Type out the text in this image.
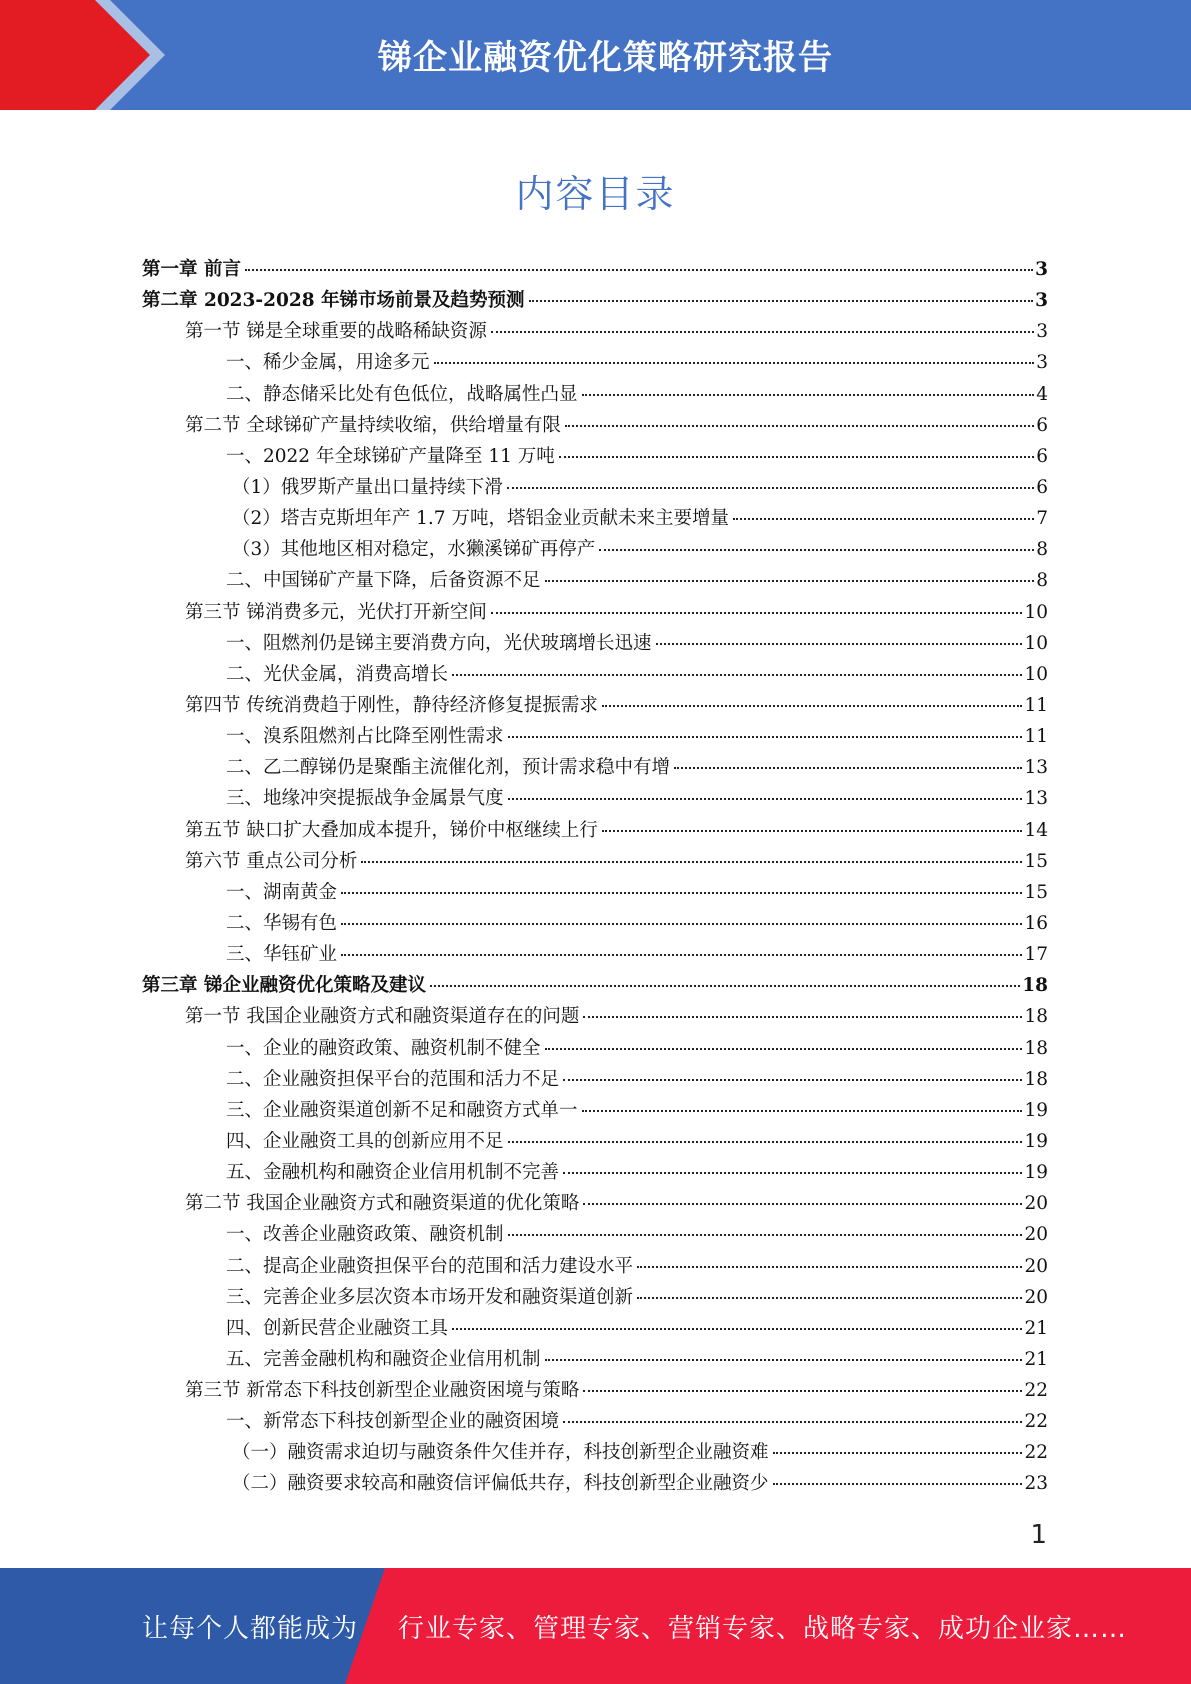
锑企业融资优化策略研究报告
内容目录
第一章 前言	3
第二章 2023-2028 年锑市场前景及趋势预测	3
第一节 锑是全球重要的战略稀缺资源	3
一、稀少金属，用途多元	3
二、静态储采比处有色低位，战略属性凸显	4
第二节 全球锑矿产量持续收缩，供给增量有限	6
一、2022 年全球锑矿产量降至 11 万吨	6
（1）俄罗斯产量出口量持续下滑	6
（2）塔吉克斯坦年产 1.7 万吨，塔铝金业贡献未来主要增量	7
（3）其他地区相对稳定，水獭溪锑矿再停产	8
二、中国锑矿产量下降，后备资源不足	8
第三节 锑消费多元，光伏打开新空间	10
一、阻燃剂仍是锑主要消费方向，光伏玻璃增长迅速	10
二、光伏金属，消费高增长	10
第四节 传统消费趋于刚性，静待经济修复提振需求	11
一、溴系阻燃剂占比降至刚性需求	11
二、乙二醇锑仍是聚酯主流催化剂，预计需求稳中有增	13
三、地缘冲突提振战争金属景气度	13
第五节 缺口扩大叠加成本提升，锑价中枢继续上行	14
第六节 重点公司分析	15
一、湖南黄金	15
二、华锡有色	16
三、华钰矿业	17
第三章 锑企业融资优化策略及建议	18
第一节 我国企业融资方式和融资渠道存在的问题	18
一、企业的融资政策、融资机制不健全	18
二、企业融资担保平台的范围和活力不足	18
三、企业融资渠道创新不足和融资方式单一	19
四、企业融资工具的创新应用不足	19
五、金融机构和融资企业信用机制不完善	19
第二节 我国企业融资方式和融资渠道的优化策略	20
一、改善企业融资政策、融资机制	20
二、提高企业融资担保平台的范围和活力建设水平	20
三、完善企业多层次资本市场开发和融资渠道创新	20
四、创新民营企业融资工具	21
五、完善金融机构和融资企业信用机制	21
第三节 新常态下科技创新型企业融资困境与策略	22
一、新常态下科技创新型企业的融资困境	22
（一）融资需求迫切与融资条件欠佳并存，科技创新型企业融资难	22
（二）融资要求较高和融资信评偏低共存，科技创新型企业融资少	23
1
让每个人都能成为 行业专家、管理专家、营销专家、战略专家、成功企业家……
